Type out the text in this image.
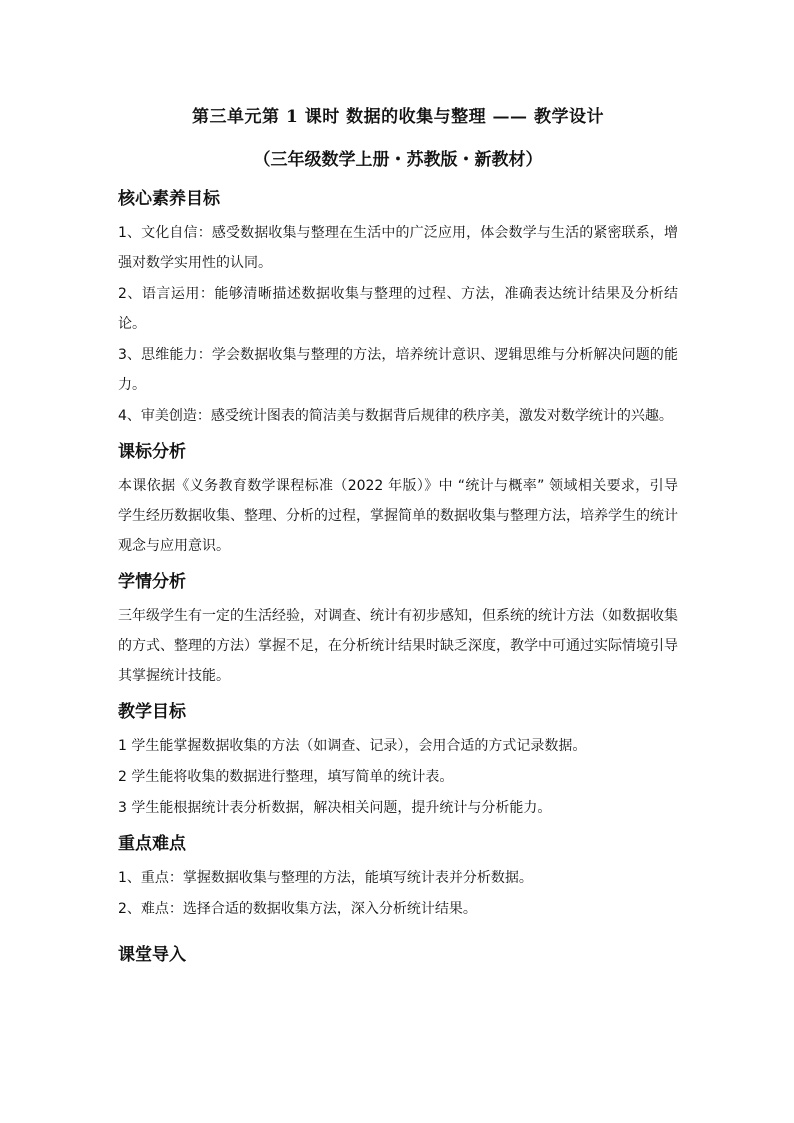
第三单元第 1 课时 数据的收集与整理 —— 教学设计
（三年级数学上册・苏教版・新教材）
核心素养目标

1、文化自信：感受数据收集与整理在生活中的广泛应用，体会数学与生活的紧密联系，增强对数学实用性的认同。

2、语言运用：能够清晰描述数据收集与整理的过程、方法，准确表达统计结果及分析结论。

3、思维能力：学会数据收集与整理的方法，培养统计意识、逻辑思维与分析解决问题的能力。

4、审美创造：感受统计图表的简洁美与数据背后规律的秩序美，激发对数学统计的兴趣。

课标分析

本课依据《义务教育数学课程标准（2022 年版）》中 “统计与概率” 领域相关要求，引导学生经历数据收集、整理、分析的过程，掌握简单的数据收集与整理方法，培养学生的统计观念与应用意识。

学情分析

三年级学生有一定的生活经验，对调查、统计有初步感知，但系统的统计方法（如数据收集的方式、整理的方法）掌握不足，在分析统计结果时缺乏深度，教学中可通过实际情境引导其掌握统计技能。

教学目标

1 学生能掌握数据收集的方法（如调查、记录），会用合适的方式记录数据。

2 学生能将收集的数据进行整理，填写简单的统计表。

3 学生能根据统计表分析数据，解决相关问题，提升统计与分析能力。

重点难点

1、重点：掌握数据收集与整理的方法，能填写统计表并分析数据。

2、难点：选择合适的数据收集方法，深入分析统计结果。

课堂导入
